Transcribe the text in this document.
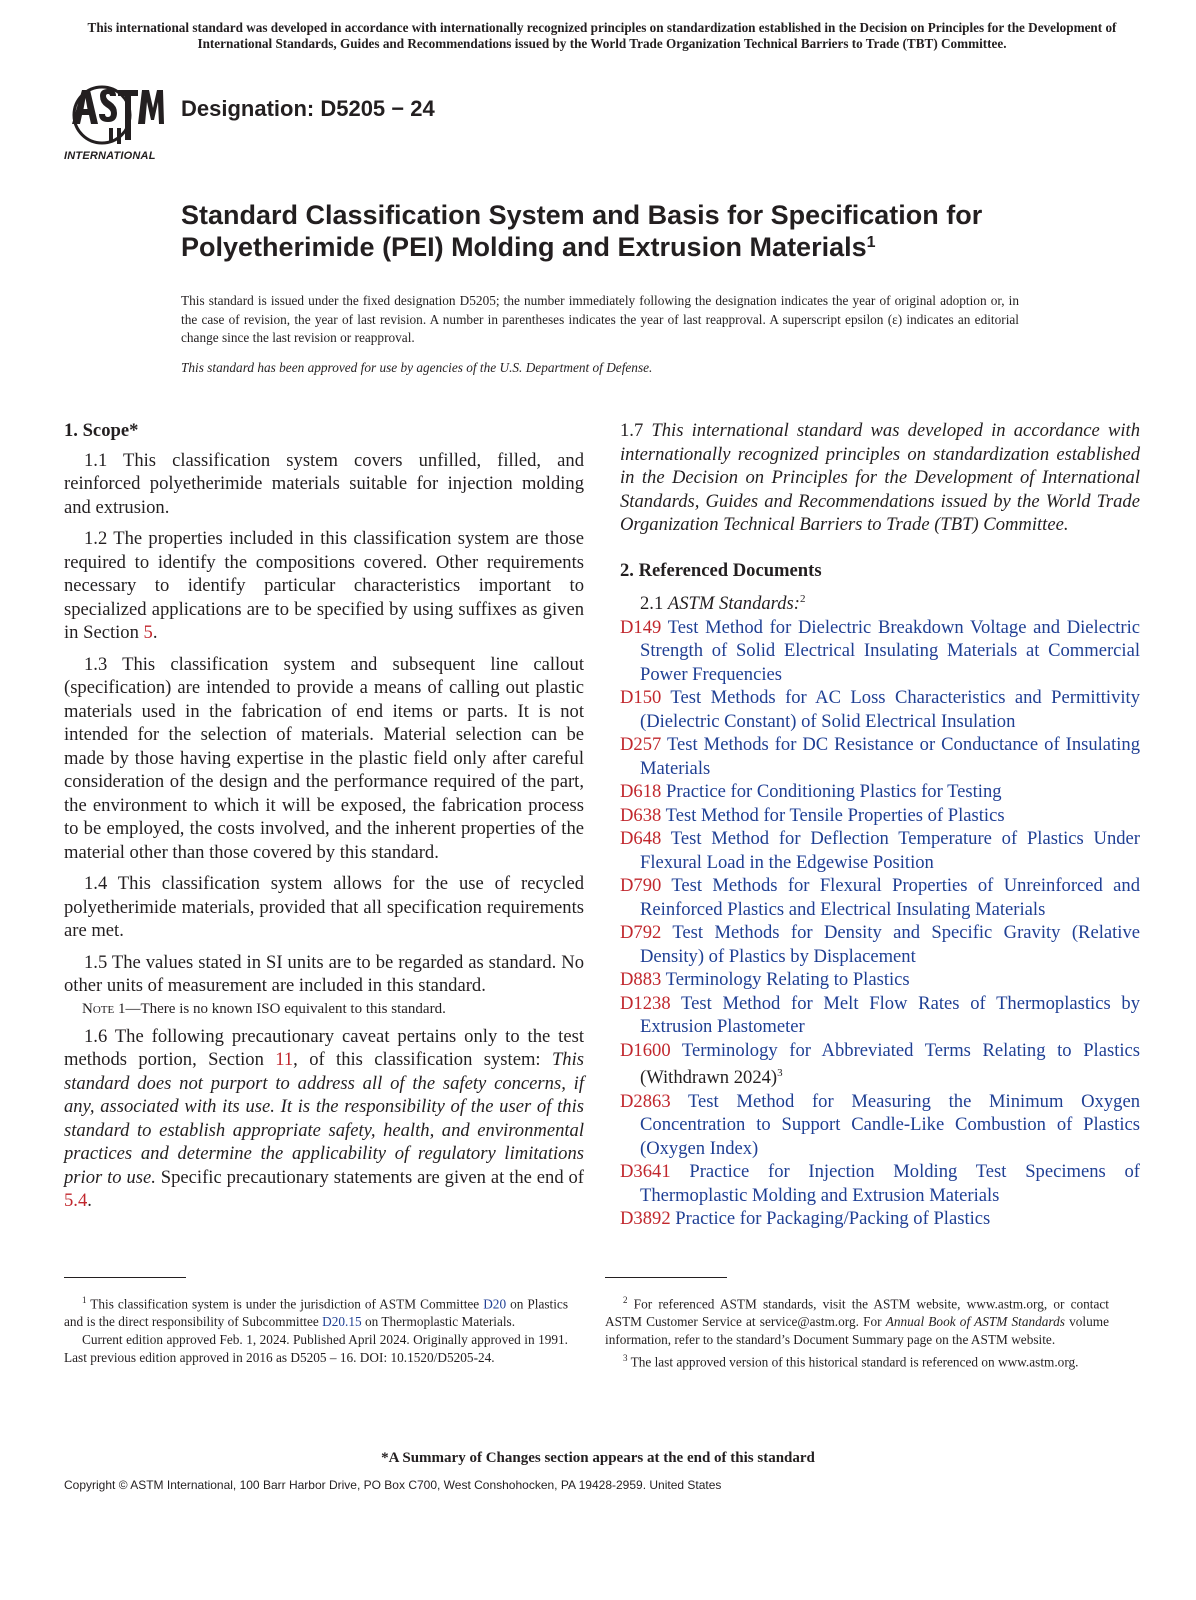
This international standard was developed in accordance with internationally recognized principles on standardization established in the Decision on Principles for the Development of International Standards, Guides and Recommendations issued by the World Trade Organization Technical Barriers to Trade (TBT) Committee.
INTERNATIONAL
Designation: D5205 − 24
Standard Classification System and Basis for Specification for
Polyetherimide (PEI) Molding and Extrusion Materials$^1$
This standard is issued under the fixed designation D5205; the number immediately following the designation indicates the year of original adoption or, in the case of revision, the year of last revision. A number in parentheses indicates the year of last reapproval. A superscript epsilon (ε) indicates an editorial change since the last revision or reapproval.
This standard has been approved for use by agencies of the U.S. Department of Defense.

1. Scope*

1.1 This classification system covers unfilled, filled, and reinforced polyetherimide materials suitable for injection molding and extrusion.

1.2 The properties included in this classification system are those required to identify the compositions covered. Other requirements necessary to identify particular characteristics important to specialized applications are to be specified by using suffixes as given in Section 5.

1.3 This classification system and subsequent line callout (specification) are intended to provide a means of calling out plastic materials used in the fabrication of end items or parts. It is not intended for the selection of materials. Material selection can be made by those having expertise in the plastic field only after careful consideration of the design and the performance required of the part, the environment to which it will be exposed, the fabrication process to be employed, the costs involved, and the inherent properties of the material other than those covered by this standard.

1.4 This classification system allows for the use of recycled polyetherimide materials, provided that all specification requirements are met.

1.5 The values stated in SI units are to be regarded as standard. No other units of measurement are included in this standard.

Note 1—There is no known ISO equivalent to this standard.

1.6 The following precautionary caveat pertains only to the test methods portion, Section 11, of this classification system: This standard does not purport to address all of the safety concerns, if any, associated with its use. It is the responsibility of the user of this standard to establish appropriate safety, health, and environmental practices and determine the applicability of regulatory limitations prior to use. Specific precautionary statements are given at the end of 5.4.

1.7 This international standard was developed in accordance with internationally recognized principles on standardization established in the Decision on Principles for the Development of International Standards, Guides and Recommendations issued by the World Trade Organization Technical Barriers to Trade (TBT) Committee.

2. Referenced Documents

2.1 ASTM Standards:$^2$

D149 Test Method for Dielectric Breakdown Voltage and Dielectric Strength of Solid Electrical Insulating Materials at Commercial Power Frequencies

D150 Test Methods for AC Loss Characteristics and Permittivity (Dielectric Constant) of Solid Electrical Insulation

D257 Test Methods for DC Resistance or Conductance of Insulating Materials

D618 Practice for Conditioning Plastics for Testing

D638 Test Method for Tensile Properties of Plastics

D648 Test Method for Deflection Temperature of Plastics Under Flexural Load in the Edgewise Position

D790 Test Methods for Flexural Properties of Unreinforced and Reinforced Plastics and Electrical Insulating Materials

D792 Test Methods for Density and Specific Gravity (Relative Density) of Plastics by Displacement

D883 Terminology Relating to Plastics

D1238 Test Method for Melt Flow Rates of Thermoplastics by Extrusion Plastometer

D1600 Terminology for Abbreviated Terms Relating to Plastics (Withdrawn 2024)$^3$

D2863 Test Method for Measuring the Minimum Oxygen Concentration to Support Candle-Like Combustion of Plastics (Oxygen Index)

D3641 Practice for Injection Molding Test Specimens of Thermoplastic Molding and Extrusion Materials

D3892 Practice for Packaging/Packing of Plastics

$^1$ This classification system is under the jurisdiction of ASTM Committee D20 on Plastics and is the direct responsibility of Subcommittee D20.15 on Thermoplastic Materials.

Current edition approved Feb. 1, 2024. Published April 2024. Originally approved in 1991. Last previous edition approved in 2016 as D5205 – 16. DOI: 10.1520/D5205-24.

$^2$ For referenced ASTM standards, visit the ASTM website, www.astm.org, or contact ASTM Customer Service at service@astm.org. For Annual Book of ASTM Standards volume information, refer to the standard’s Document Summary page on the ASTM website.

$^3$ The last approved version of this historical standard is referenced on www.astm.org.

*A Summary of Changes section appears at the end of this standard
Copyright © ASTM International, 100 Barr Harbor Drive, PO Box C700, West Conshohocken, PA 19428-2959. United States
